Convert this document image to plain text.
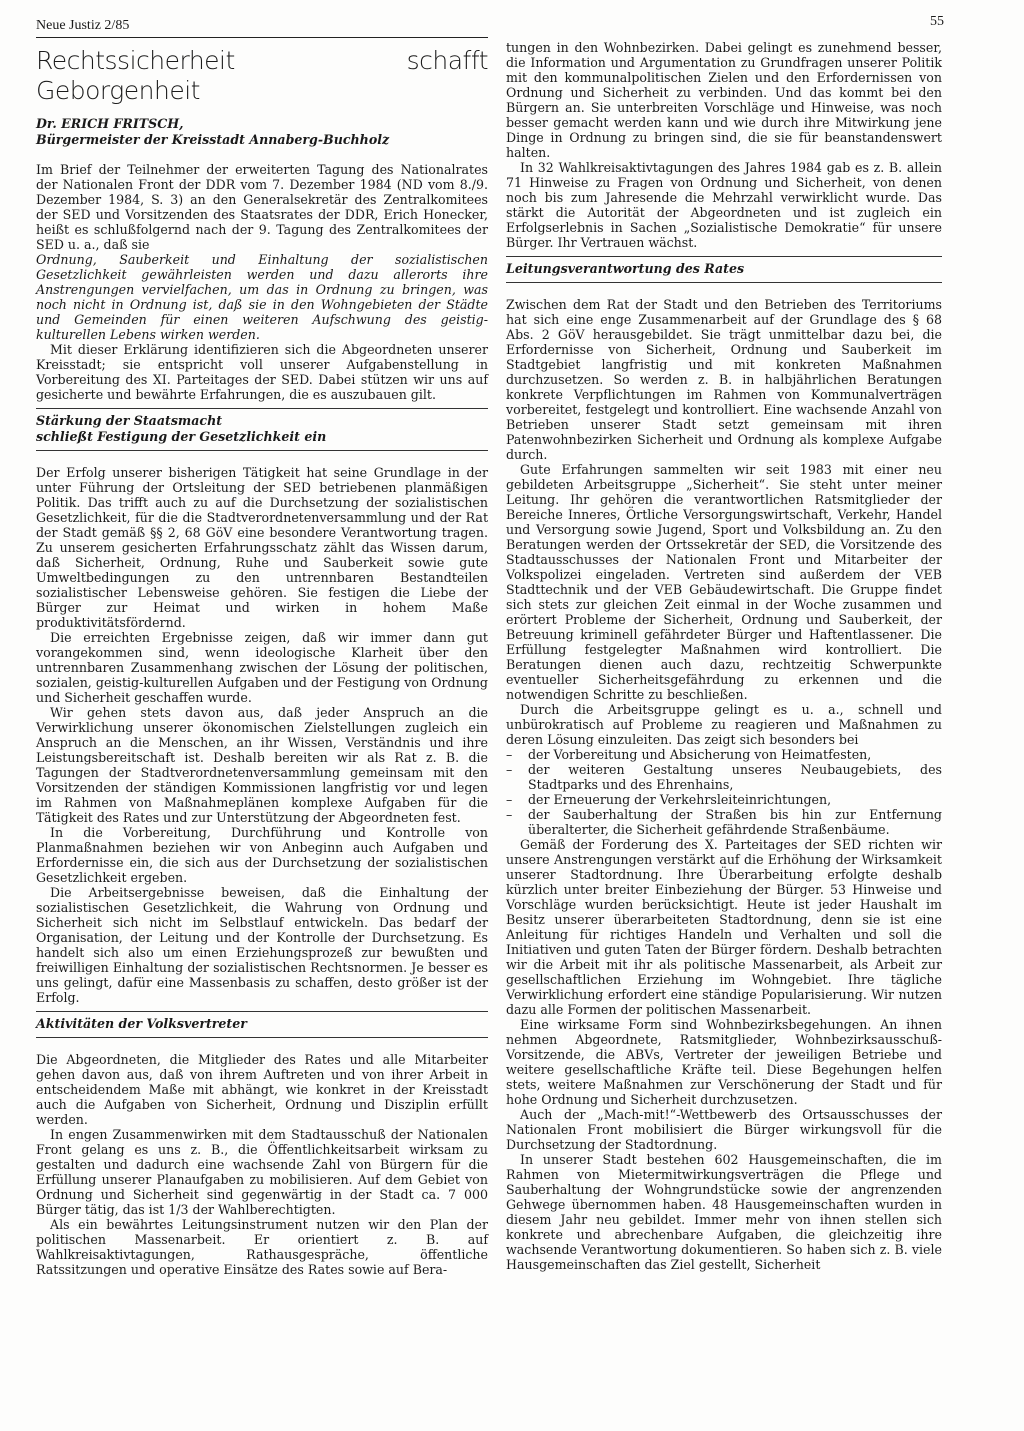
Neue Justiz 2/85	55
Rechtssicherheit schafft Geborgenheit
Dr. ERICH FRITSCH,
Bürgermeister der Kreisstadt Annaberg-Buchholz

Im Brief der Teilnehmer der erweiterten Tagung des Nationalrates der Nationalen Front der DDR vom 7. Dezember 1984 (ND vom 8./9. Dezember 1984, S. 3) an den Generalsekretär des Zentralkomitees der SED und Vorsitzenden des Staatsrates der DDR, Erich Honecker, heißt es schlußfolgernd nach der 9. Tagung des Zentralkomitees der SED u. a., daß sie

Ordnung, Sauberkeit und Einhaltung der sozialistischen Gesetzlichkeit gewährleisten werden und dazu allerorts ihre Anstrengungen vervielfachen, um das in Ordnung zu bringen, was noch nicht in Ordnung ist, daß sie in den Wohngebieten der Städte und Gemeinden für einen weiteren Aufschwung des geistig-kulturellen Lebens wirken werden.

Mit dieser Erklärung identifizieren sich die Abgeordneten unserer Kreisstadt; sie entspricht voll unserer Aufgabenstellung in Vorbereitung des XI. Parteitages der SED. Dabei stützen wir uns auf gesicherte und bewährte Erfahrungen, die es auszubauen gilt.

Stärkung der Staatsmacht
schließt Festigung der Gesetzlichkeit ein

Der Erfolg unserer bisherigen Tätigkeit hat seine Grundlage in der unter Führung der Ortsleitung der SED betriebenen planmäßigen Politik. Das trifft auch zu auf die Durchsetzung der sozialistischen Gesetzlichkeit, für die die Stadtverordnetenversammlung und der Rat der Stadt gemäß §§ 2, 68 GöV eine besondere Verantwortung tragen. Zu unserem gesicherten Erfahrungsschatz zählt das Wissen darum, daß Sicherheit, Ordnung, Ruhe und Sauberkeit sowie gute Umweltbedingungen zu den untrennbaren Bestandteilen sozialistischer Lebensweise gehören. Sie festigen die Liebe der Bürger zur Heimat und wirken in hohem Maße produktivitätsfördernd.

Die erreichten Ergebnisse zeigen, daß wir immer dann gut vorangekommen sind, wenn ideologische Klarheit über den untrennbaren Zusammenhang zwischen der Lösung der politischen, sozialen, geistig-kulturellen Aufgaben und der Festigung von Ordnung und Sicherheit geschaffen wurde.

Wir gehen stets davon aus, daß jeder Anspruch an die Verwirklichung unserer ökonomischen Zielstellungen zugleich ein Anspruch an die Menschen, an ihr Wissen, Verständnis und ihre Leistungsbereitschaft ist. Deshalb bereiten wir als Rat z. B. die Tagungen der Stadtverordnetenversammlung gemeinsam mit den Vorsitzenden der ständigen Kommissionen langfristig vor und legen im Rahmen von Maßnahmeplänen komplexe Aufgaben für die Tätigkeit des Rates und zur Unterstützung der Abgeordneten fest.

In die Vorbereitung, Durchführung und Kontrolle von Planmaßnahmen beziehen wir von Anbeginn auch Aufgaben und Erfordernisse ein, die sich aus der Durchsetzung der sozialistischen Gesetzlichkeit ergeben.

Die Arbeitsergebnisse beweisen, daß die Einhaltung der sozialistischen Gesetzlichkeit, die Wahrung von Ordnung und Sicherheit sich nicht im Selbstlauf entwickeln. Das bedarf der Organisation, der Leitung und der Kontrolle der Durchsetzung. Es handelt sich also um einen Erziehungsprozeß zur bewußten und freiwilligen Einhaltung der sozialistischen Rechtsnormen. Je besser es uns gelingt, dafür eine Massenbasis zu schaffen, desto größer ist der Erfolg.

Aktivitäten der Volksvertreter

Die Abgeordneten, die Mitglieder des Rates und alle Mitarbeiter gehen davon aus, daß von ihrem Auftreten und von ihrer Arbeit in entscheidendem Maße mit abhängt, wie konkret in der Kreisstadt auch die Aufgaben von Sicherheit, Ordnung und Disziplin erfüllt werden.

In engen Zusammenwirken mit dem Stadtausschuß der Nationalen Front gelang es uns z. B., die Öffentlichkeitsarbeit wirksam zu gestalten und dadurch eine wachsende Zahl von Bürgern für die Erfüllung unserer Planaufgaben zu mobilisieren. Auf dem Gebiet von Ordnung und Sicherheit sind gegenwärtig in der Stadt ca. 7 000 Bürger tätig, das ist 1/3 der Wahlberechtigten.

Als ein bewährtes Leitungsinstrument nutzen wir den Plan der politischen Massenarbeit. Er orientiert z. B. auf Wahlkreisaktivtagungen, Rathausgespräche, öffentliche Ratssitzungen und operative Einsätze des Rates sowie auf Bera-

tungen in den Wohnbezirken. Dabei gelingt es zunehmend besser, die Information und Argumentation zu Grundfragen unserer Politik mit den kommunalpolitischen Zielen und den Erfordernissen von Ordnung und Sicherheit zu verbinden. Und das kommt bei den Bürgern an. Sie unterbreiten Vorschläge und Hinweise, was noch besser gemacht werden kann und wie durch ihre Mitwirkung jene Dinge in Ordnung zu bringen sind, die sie für beanstandenswert halten.

In 32 Wahlkreisaktivtagungen des Jahres 1984 gab es z. B. allein 71 Hinweise zu Fragen von Ordnung und Sicherheit, von denen noch bis zum Jahresende die Mehrzahl verwirklicht wurde. Das stärkt die Autorität der Abgeordneten und ist zugleich ein Erfolgserlebnis in Sachen „Sozialistische Demokratie“ für unsere Bürger. Ihr Vertrauen wächst.

Leitungsverantwortung des Rates

Zwischen dem Rat der Stadt und den Betrieben des Territoriums hat sich eine enge Zusammenarbeit auf der Grundlage des § 68 Abs. 2 GöV herausgebildet. Sie trägt unmittelbar dazu bei, die Erfordernisse von Sicherheit, Ordnung und Sauberkeit im Stadtgebiet langfristig und mit konkreten Maßnahmen durchzusetzen. So werden z. B. in halbjährlichen Beratungen konkrete Verpflichtungen im Rahmen von Kommunalverträgen vorbereitet, festgelegt und kontrolliert. Eine wachsende Anzahl von Betrieben unserer Stadt setzt gemeinsam mit ihren Patenwohnbezirken Sicherheit und Ordnung als komplexe Aufgabe durch.

Gute Erfahrungen sammelten wir seit 1983 mit einer neu gebildeten Arbeitsgruppe „Sicherheit“. Sie steht unter meiner Leitung. Ihr gehören die verantwortlichen Ratsmitglieder der Bereiche Inneres, Örtliche Versorgungswirtschaft, Verkehr, Handel und Versorgung sowie Jugend, Sport und Volksbildung an. Zu den Beratungen werden der Ortssekretär der SED, die Vorsitzende des Stadtausschusses der Nationalen Front und Mitarbeiter der Volkspolizei eingeladen. Vertreten sind außerdem der VEB Stadttechnik und der VEB Gebäudewirtschaft. Die Gruppe findet sich stets zur gleichen Zeit einmal in der Woche zusammen und erörtert Probleme der Sicherheit, Ordnung und Sauberkeit, der Betreuung kriminell gefährdeter Bürger und Haftentlassener. Die Erfüllung festgelegter Maßnahmen wird kontrolliert. Die Beratungen dienen auch dazu, rechtzeitig Schwerpunkte eventueller Sicherheitsgefährdung zu erkennen und die notwendigen Schritte zu beschließen.

Durch die Arbeitsgruppe gelingt es u. a., schnell und unbürokratisch auf Probleme zu reagieren und Maßnahmen zu deren Lösung einzuleiten. Das zeigt sich besonders bei

– der Vorbereitung und Absicherung von Heimatfesten,
– der weiteren Gestaltung unseres Neubaugebiets, des Stadtparks und des Ehrenhains,
– der Erneuerung der Verkehrsleiteinrichtungen,
– der Sauberhaltung der Straßen bis hin zur Entfernung überalterter, die Sicherheit gefährdende Straßenbäume.

Gemäß der Forderung des X. Parteitages der SED richten wir unsere Anstrengungen verstärkt auf die Erhöhung der Wirksamkeit unserer Stadtordnung. Ihre Überarbeitung erfolgte deshalb kürzlich unter breiter Einbeziehung der Bürger. 53 Hinweise und Vorschläge wurden berücksichtigt. Heute ist jeder Haushalt im Besitz unserer überarbeiteten Stadtordnung, denn sie ist eine Anleitung für richtiges Handeln und Verhalten und soll die Initiativen und guten Taten der Bürger fördern. Deshalb betrachten wir die Arbeit mit ihr als politische Massenarbeit, als Arbeit zur gesellschaftlichen Erziehung im Wohngebiet. Ihre tägliche Verwirklichung erfordert eine ständige Popularisierung. Wir nutzen dazu alle Formen der politischen Massenarbeit.

Eine wirksame Form sind Wohnbezirksbegehungen. An ihnen nehmen Abgeordnete, Ratsmitglieder, Wohnbezirksausschuß-Vorsitzende, die ABVs, Vertreter der jeweiligen Betriebe und weitere gesellschaftliche Kräfte teil. Diese Begehungen helfen stets, weitere Maßnahmen zur Verschönerung der Stadt und für hohe Ordnung und Sicherheit durchzusetzen.

Auch der „Mach-mit!“-Wettbewerb des Ortsausschusses der Nationalen Front mobilisiert die Bürger wirkungsvoll für die Durchsetzung der Stadtordnung.

In unserer Stadt bestehen 602 Hausgemeinschaften, die im Rahmen von Mietermitwirkungsverträgen die Pflege und Sauberhaltung der Wohngrundstücke sowie der angrenzenden Gehwege übernommen haben. 48 Hausgemeinschaften wurden in diesem Jahr neu gebildet. Immer mehr von ihnen stellen sich konkrete und abrechenbare Aufgaben, die gleichzeitig ihre wachsende Verantwortung dokumentieren. So haben sich z. B. viele Hausgemeinschaften das Ziel gestellt, Sicherheit
